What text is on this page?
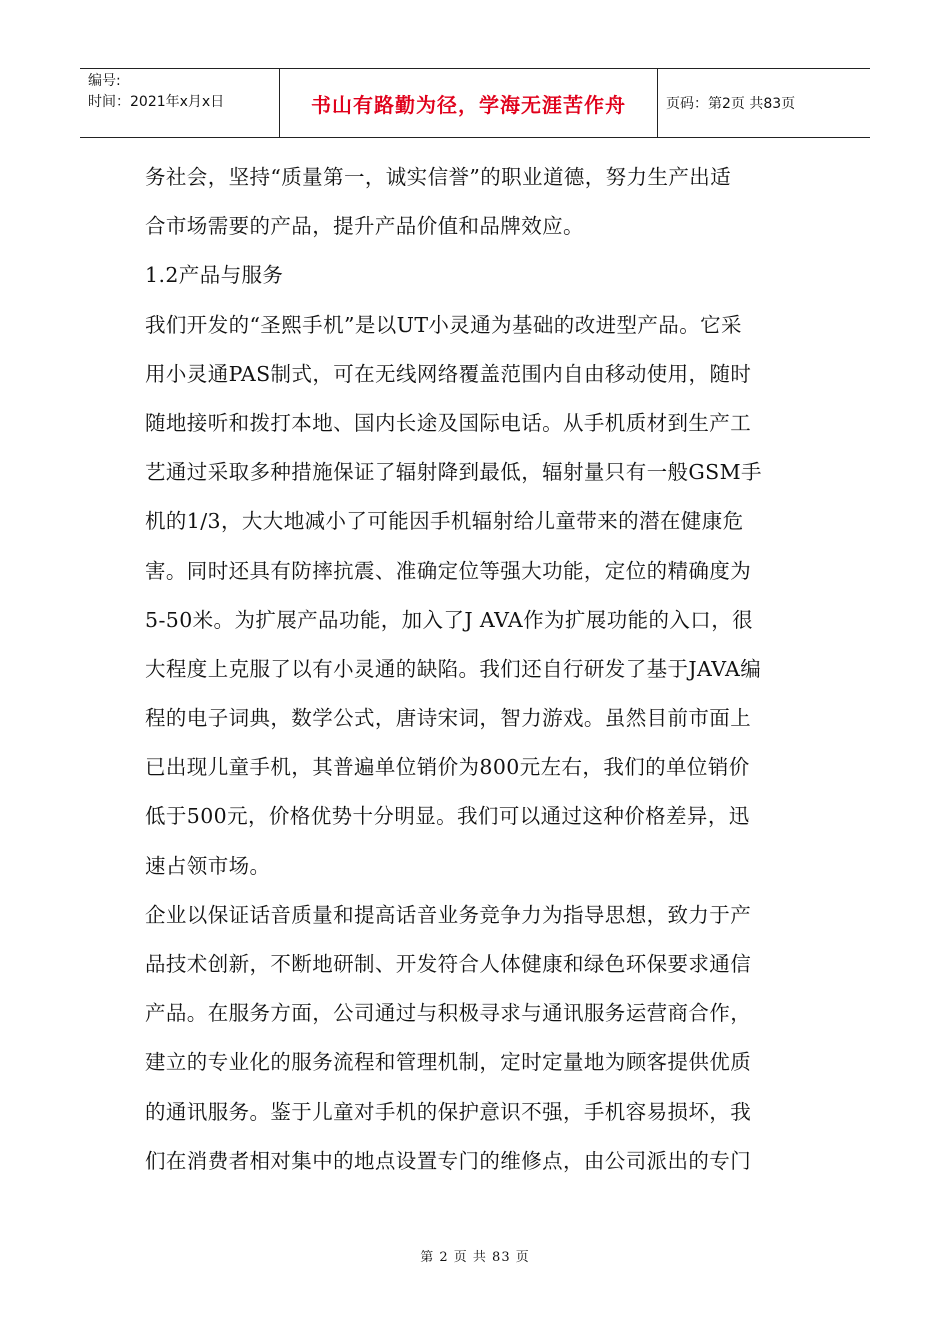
编号:
时间：2021年x月x日	书山有路勤为径，学海无涯苦作舟	页码：第2页 共83页
务社会，坚持“质量第一，诚实信誉”的职业道德，努力生产出适
合市场需要的产品，提升产品价值和品牌效应。
1.2产品与服务
我们开发的“圣熙手机”是以UT小灵通为基础的改进型产品。它采
用小灵通PAS制式，可在无线网络覆盖范围内自由移动使用，随时
随地接听和拨打本地、国内长途及国际电话。从手机质材到生产工
艺通过采取多种措施保证了辐射降到最低，辐射量只有一般GSM手
机的1/3，大大地减小了可能因手机辐射给儿童带来的潜在健康危
害。同时还具有防摔抗震、准确定位等强大功能，定位的精确度为
5-50米。为扩展产品功能，加入了J AVA作为扩展功能的入口，很
大程度上克服了以有小灵通的缺陷。我们还自行研发了基于JAVA编
程的电子词典，数学公式，唐诗宋词，智力游戏。虽然目前市面上
已出现儿童手机，其普遍单位销价为800元左右，我们的单位销价
低于500元，价格优势十分明显。我们可以通过这种价格差异，迅
速占领市场。
企业以保证话音质量和提高话音业务竞争力为指导思想，致力于产
品技术创新，不断地研制、开发符合人体健康和绿色环保要求通信
产品。在服务方面，公司通过与积极寻求与通讯服务运营商合作，
建立的专业化的服务流程和管理机制，定时定量地为顾客提供优质
的通讯服务。鉴于儿童对手机的保护意识不强，手机容易损坏，我
们在消费者相对集中的地点设置专门的维修点，由公司派出的专门
第 2 页 共 83 页
